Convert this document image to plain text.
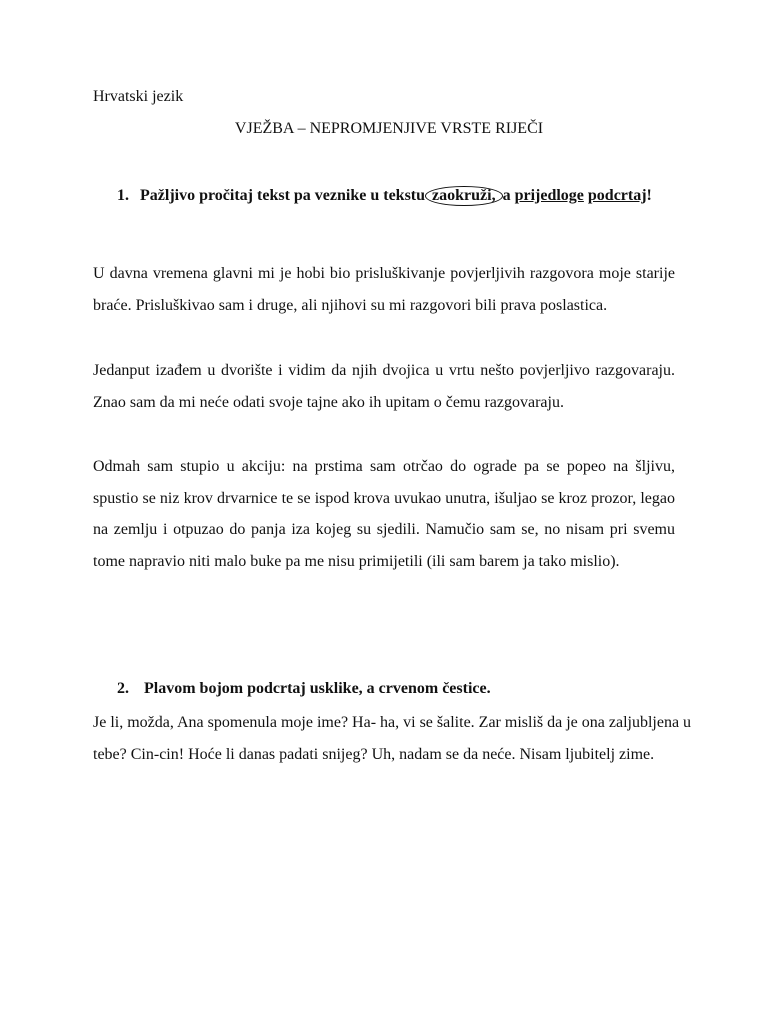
Hrvatski jezik
VJEŽBA – NEPROMJENJIVE VRSTE RIJEČI
1. Pažljivo pročitaj tekst pa veznike u tekstu zaokruži, a prijedloge podcrtaj!
U davna vremena glavni mi je hobi bio prisluškivanje povjerljivih razgovora moje starije braće. Prisluškivao sam i druge, ali njihovi su mi razgovori bili prava poslastica.
Jedanput izađem u dvorište i vidim da njih dvojica u vrtu nešto povjerljivo razgovaraju. Znao sam da mi neće odati svoje tajne ako ih upitam o čemu razgovaraju.
Odmah sam stupio u akciju: na prstima sam otrčao do ograde pa se popeo na šljivu, spustio se niz krov drvarnice te se ispod krova uvukao unutra, išuljao se kroz prozor, legao na zemlju i otpuzao do panja iza kojeg su sjedili. Namučio sam se, no nisam pri svemu tome napravio niti malo buke pa me nisu primijetili (ili sam barem ja tako mislio).
2. Plavom bojom podcrtaj usklike, a crvenom čestice.
Je li, možda, Ana spomenula moje ime? Ha- ha, vi se šalite. Zar misliš da je ona zaljubljena u tebe? Cin-cin! Hoće li danas padati snijeg? Uh, nadam se da neće. Nisam ljubitelj zime.
